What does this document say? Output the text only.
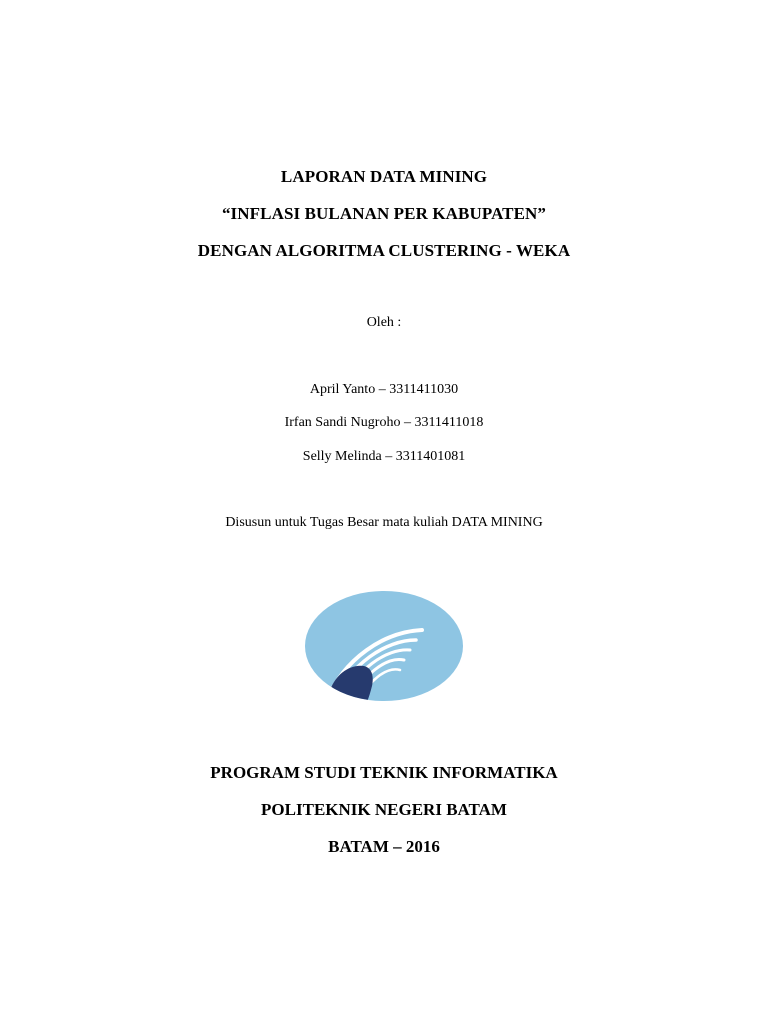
LAPORAN DATA MINING
“INFLASI BULANAN PER KABUPATEN”
DENGAN ALGORITMA CLUSTERING - WEKA
Oleh :
April Yanto – 3311411030
Irfan Sandi Nugroho – 3311411018
Selly Melinda – 3311401081
Disusun untuk Tugas Besar mata kuliah DATA MINING
PROGRAM STUDI TEKNIK INFORMATIKA
POLITEKNIK NEGERI BATAM
BATAM – 2016
